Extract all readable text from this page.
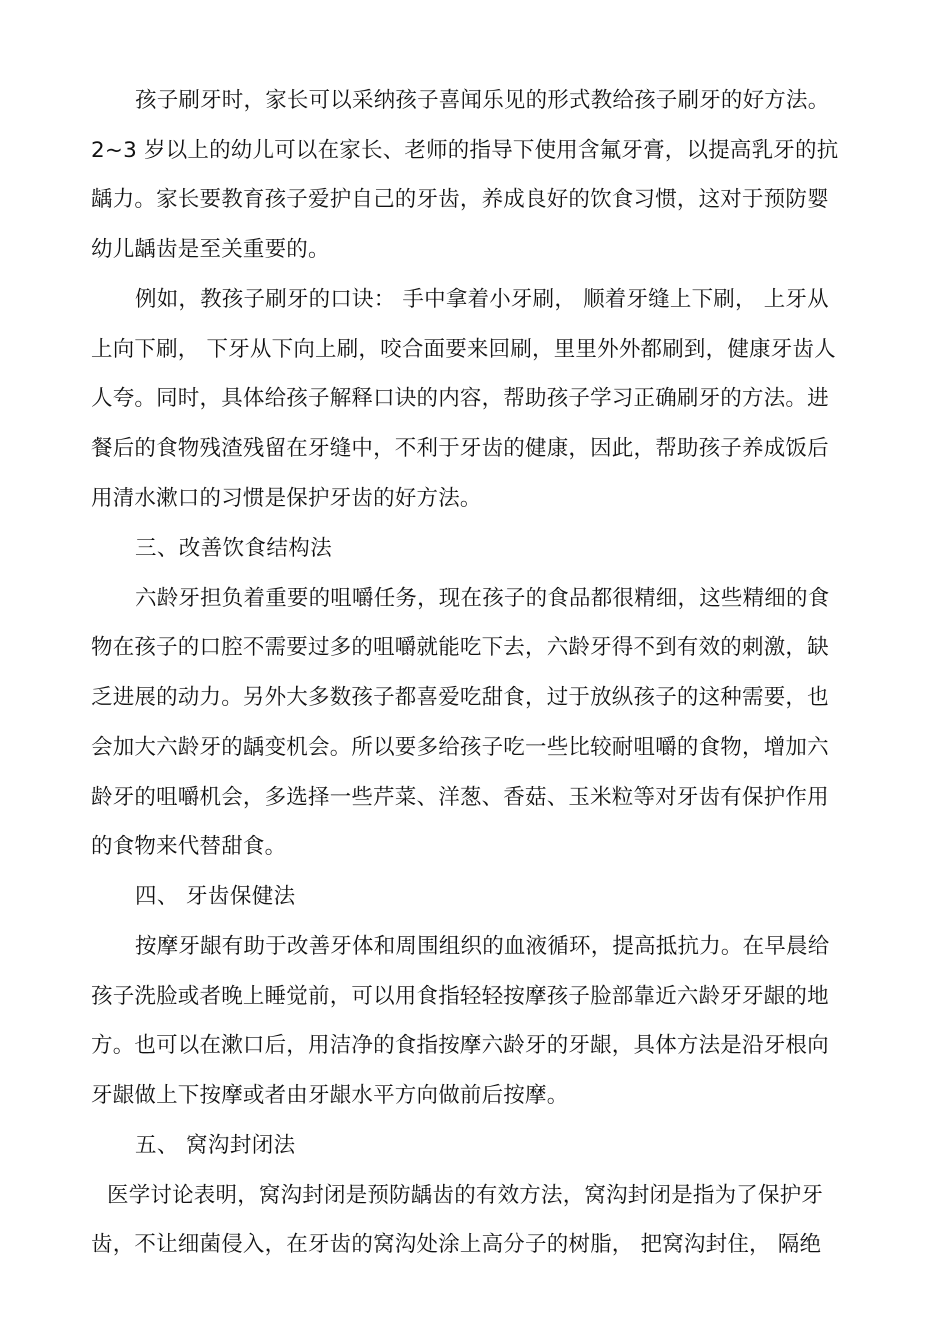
孩子刷牙时，家长可以采纳孩子喜闻乐见的形式教给孩子刷牙的好方法。
2~3 岁以上的幼儿可以在家长、老师的指导下使用含氟牙膏，以提高乳牙的抗
龋力。家长要教育孩子爱护自己的牙齿，养成良好的饮食习惯，这对于预防婴
幼儿龋齿是至关重要的。
例如，教孩子刷牙的口诀： 手中拿着小牙刷， 顺着牙缝上下刷， 上牙从
上向下刷， 下牙从下向上刷，咬合面要来回刷，里里外外都刷到，健康牙齿人
人夸。同时，具体给孩子解释口诀的内容，帮助孩子学习正确刷牙的方法。进
餐后的食物残渣残留在牙缝中，不利于牙齿的健康，因此，帮助孩子养成饭后
用清水漱口的习惯是保护牙齿的好方法。
三、改善饮食结构法
六龄牙担负着重要的咀嚼任务，现在孩子的食品都很精细，这些精细的食
物在孩子的口腔不需要过多的咀嚼就能吃下去，六龄牙得不到有效的刺激，缺
乏进展的动力。另外大多数孩子都喜爱吃甜食，过于放纵孩子的这种需要，也
会加大六龄牙的龋变机会。所以要多给孩子吃一些比较耐咀嚼的食物，增加六
龄牙的咀嚼机会，多选择一些芹菜、洋葱、香菇、玉米粒等对牙齿有保护作用
的食物来代替甜食。
四、 牙齿保健法
按摩牙龈有助于改善牙体和周围组织的血液循环，提高抵抗力。在早晨给
孩子洗脸或者晚上睡觉前，可以用食指轻轻按摩孩子脸部靠近六龄牙牙龈的地
方。也可以在漱口后，用洁净的食指按摩六龄牙的牙龈，具体方法是沿牙根向
牙龈做上下按摩或者由牙龈水平方向做前后按摩。
五、 窝沟封闭法
医学讨论表明，窝沟封闭是预防龋齿的有效方法，窝沟封闭是指为了保护牙
齿，不让细菌侵入，在牙齿的窝沟处涂上高分子的树脂， 把窝沟封住， 隔绝
